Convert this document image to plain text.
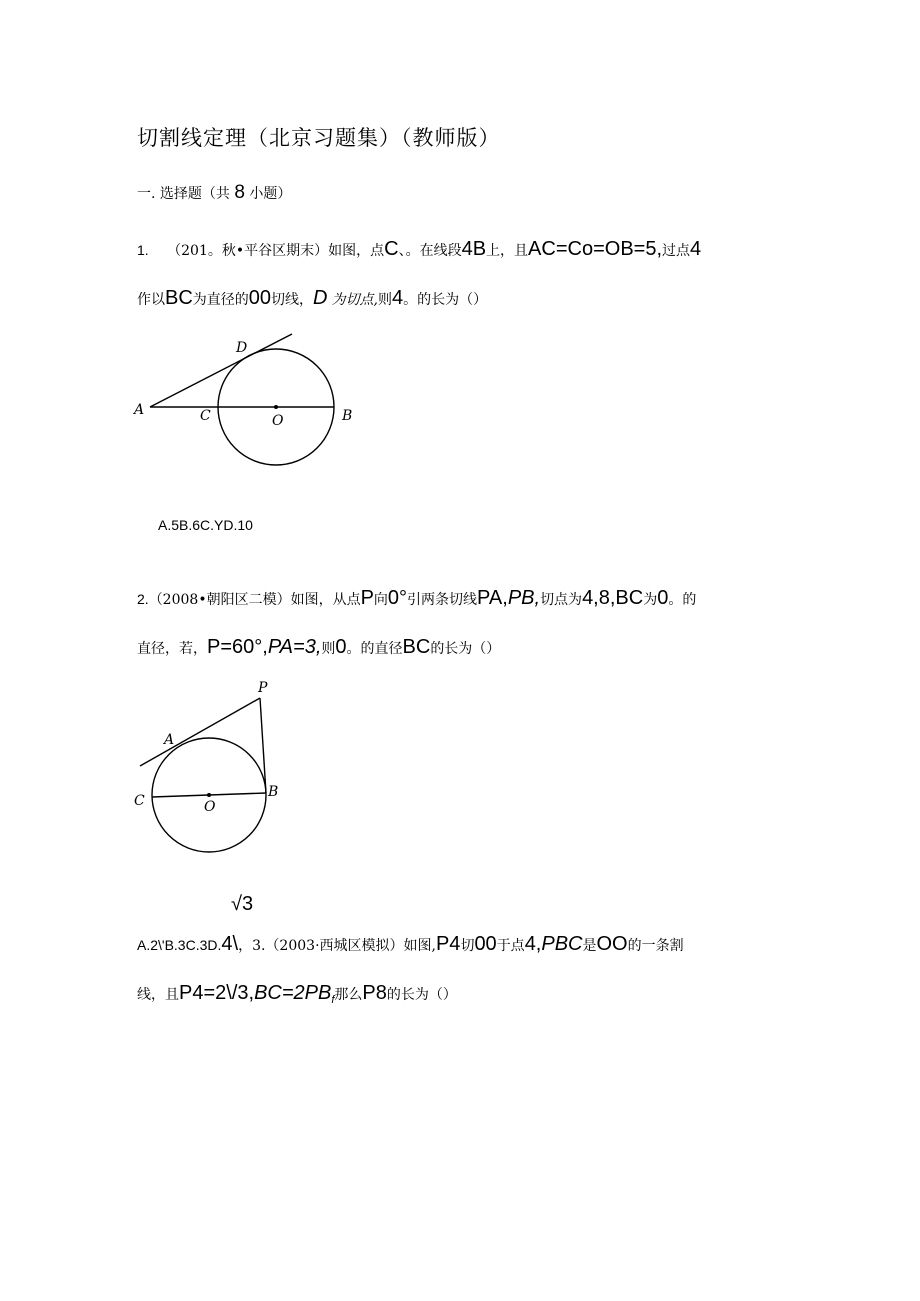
切割线定理（北京习题集）（教师版）
一. 选择题（共 8 小题）
1. （201。秋•平谷区期末）如图，点C、。在线段4B上，且AC=Co=OB=5,过点4
作以BC为直径的00切线，D 为切点,则4。的长为（）
A	C	O	B
D
A.5B.6C.YD.10
2.（2008•朝阳区二模）如图，从点P向0°引两条切线PA,PB,切点为4,8,BC为0。的
直径，若，P=60°,PA=3,则0。的直径BC的长为（）
P
A
C	O
B
√3
A.2\'B.3C.3D.4\，3.（2003·西城区模拟）如图,P4切00于点4,PBC是OO的一条割
线，且$P4=2\backslash/3,BC=2PB_f$那么P8的长为（）
